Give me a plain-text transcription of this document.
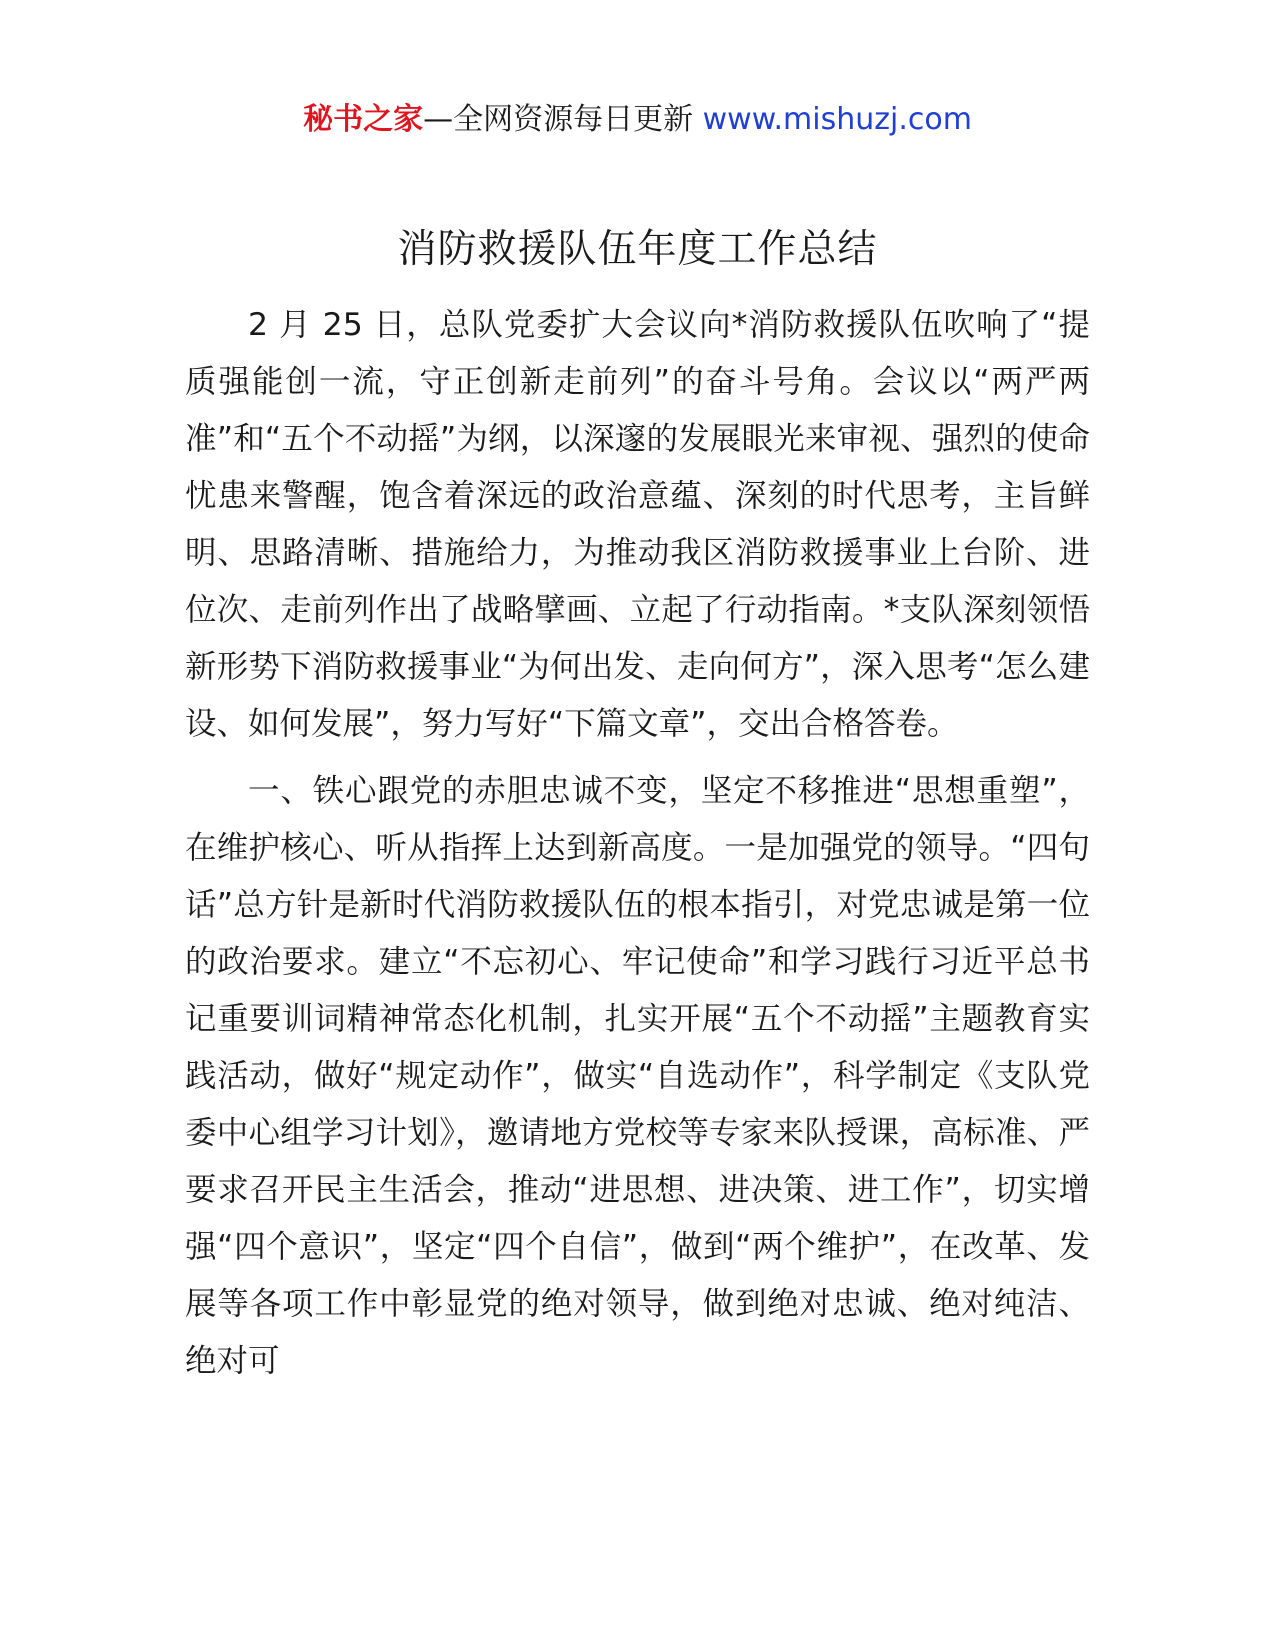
秘书之家—全网资源每日更新 www.mishuzj.com
消防救援队伍年度工作总结

2 月 25 日，总队党委扩大会议向*消防救援队伍吹响了“提质强能创一流，守正创新走前列”的奋斗号角。会议以“两严两准”和“五个不动摇”为纲，以深邃的发展眼光来审视、强烈的使命忧患来警醒，饱含着深远的政治意蕴、深刻的时代思考，主旨鲜明、思路清晰、措施给力，为推动我区消防救援事业上台阶、进位次、走前列作出了战略擘画、立起了行动指南。*支队深刻领悟新形势下消防救援事业“为何出发、走向何方”，深入思考“怎么建设、如何发展”，努力写好“下篇文章”，交出合格答卷。

一、铁心跟党的赤胆忠诚不变，坚定不移推进“思想重塑”，在维护核心、听从指挥上达到新高度。一是加强党的领导。“四句话”总方针是新时代消防救援队伍的根本指引，对党忠诚是第一位的政治要求。建立“不忘初心、牢记使命”和学习践行习近平总书记重要训词精神常态化机制，扎实开展“五个不动摇”主题教育实践活动，做好“规定动作”，做实“自选动作”，科学制定《支队党委中心组学习计划》，邀请地方党校等专家来队授课，高标准、严要求召开民主生活会，推动“进思想、进决策、进工作”，切实增强“四个意识”，坚定“四个自信”，做到“两个维护”，在改革、发展等各项工作中彰显党的绝对领导，做到绝对忠诚、绝对纯洁、绝对可
